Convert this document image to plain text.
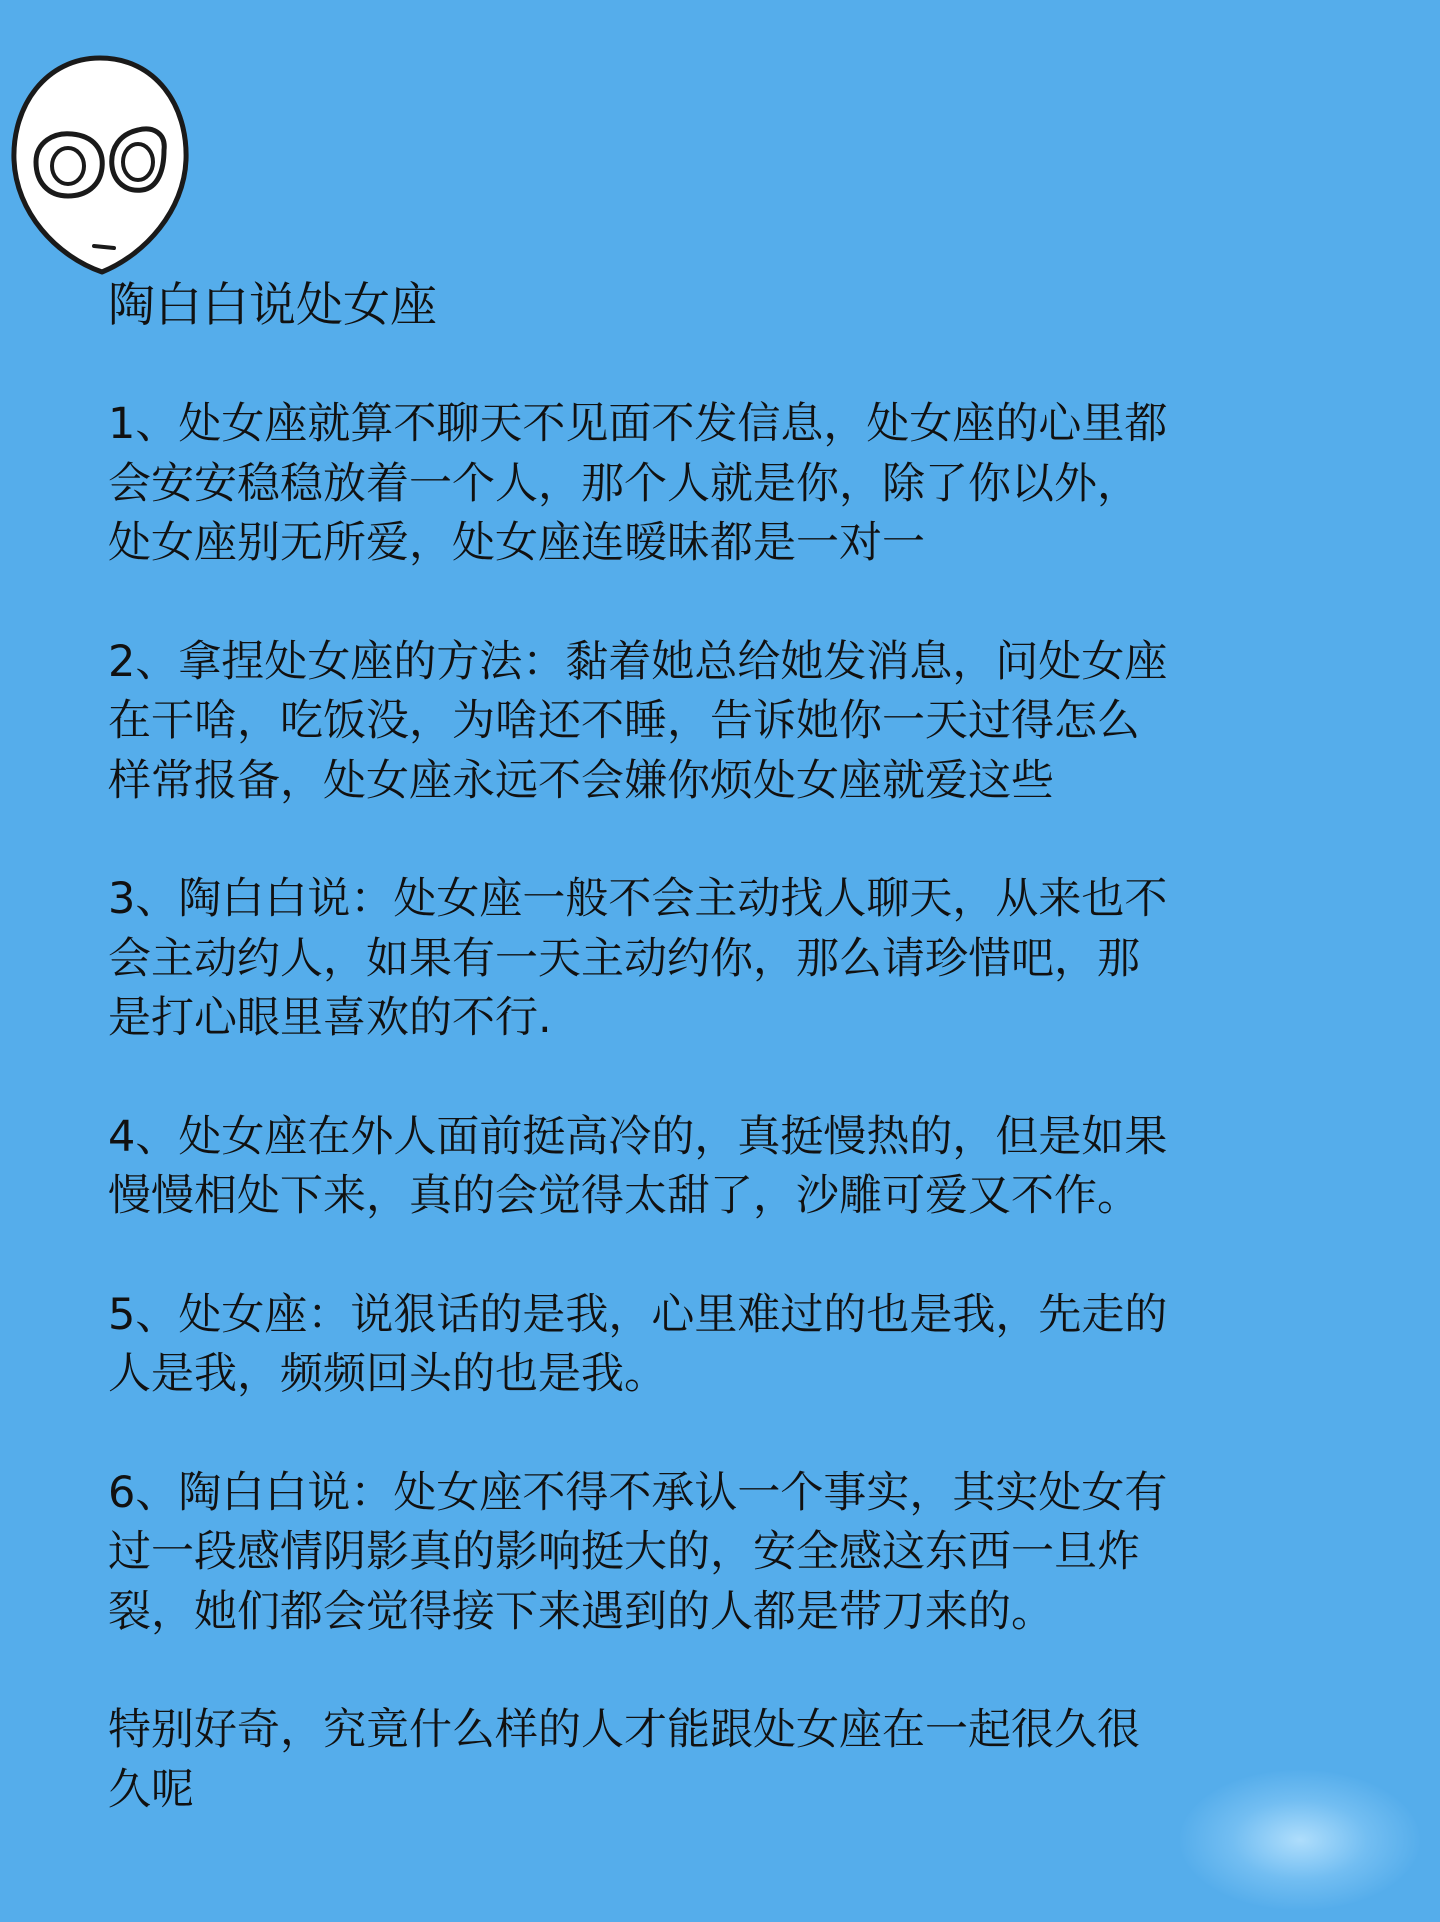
陶白白说处女座
1、处女座就算不聊天不见面不发信息，处女座的心里都
会安安稳稳放着一个人，那个人就是你，除了你以外，
处女座别无所爱，处女座连暧昧都是一对一
2、拿捏处女座的方法：黏着她总给她发消息，问处女座
在干啥，吃饭没，为啥还不睡，告诉她你一天过得怎么
样常报备，处女座永远不会嫌你烦处女座就爱这些
3、陶白白说：处女座一般不会主动找人聊天，从来也不
会主动约人，如果有一天主动约你，那么请珍惜吧，那
是打心眼里喜欢的不行.
4、处女座在外人面前挺高冷的，真挺慢热的，但是如果
慢慢相处下来，真的会觉得太甜了，沙雕可爱又不作。
5、处女座：说狠话的是我，心里难过的也是我，先走的
人是我，频频回头的也是我。
6、陶白白说：处女座不得不承认一个事实，其实处女有
过一段感情阴影真的影响挺大的，安全感这东西一旦炸
裂，她们都会觉得接下来遇到的人都是带刀来的。
特别好奇，究竟什么样的人才能跟处女座在一起很久很
久呢
